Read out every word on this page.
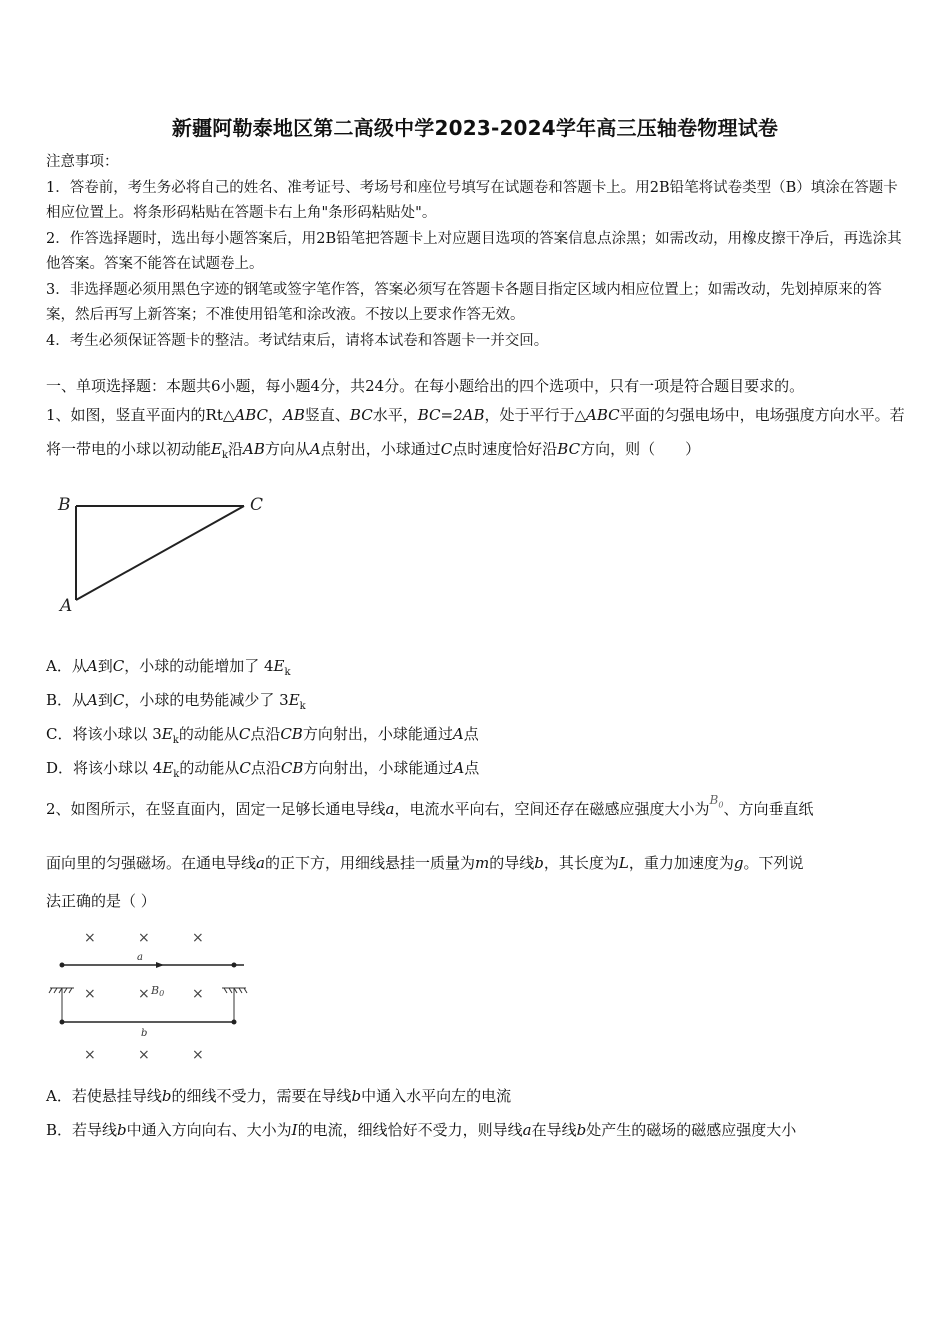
新疆阿勒泰地区第二高级中学2023-2024学年高三压轴卷物理试卷

注意事项：

1．答卷前，考生务必将自己的姓名、准考证号、考场号和座位号填写在试题卷和答题卡上。用2B铅笔将试卷类型（B）填涂在答题卡相应位置上。将条形码粘贴在答题卡右上角"条形码粘贴处"。

2．作答选择题时，选出每小题答案后，用2B铅笔把答题卡上对应题目选项的答案信息点涂黑；如需改动，用橡皮擦干净后，再选涂其他答案。答案不能答在试题卷上。

3．非选择题必须用黑色字迹的钢笔或签字笔作答，答案必须写在答题卡各题目指定区域内相应位置上；如需改动，先划掉原来的答案，然后再写上新答案；不准使用铅笔和涂改液。不按以上要求作答无效。

4．考生必须保证答题卡的整洁。考试结束后，请将本试卷和答题卡一并交回。

一、单项选择题：本题共6小题，每小题4分，共24分。在每小题给出的四个选项中，只有一项是符合题目要求的。
1、如图，竖直平面内的Rt△ABC，AB竖直、BC水平，BC=2AB，处于平行于△ABC平面的匀强电场中，电场强度方向水平。若将一带电的小球以初动能$E_k$沿AB方向从A点射出，小球通过C点时速度恰好沿BC方向，则（　　）
B	C
A
A．从A到C，小球的动能增加了 $4E_k$
B．从A到C，小球的电势能减少了 $3E_k$
C．将该小球以 $3E_k$的动能从C点沿CB方向射出，小球能通过A点
D．将该小球以 $4E_k$的动能从C点沿CB方向射出，小球能通过A点
2、如图所示，在竖直面内，固定一足够长通电导线a，电流水平向右，空间还存在磁感应强度大小为$^{B_0}$、方向垂直纸
面向里的匀强磁场。在通电导线a的正下方，用细线悬挂一质量为m的导线b，其长度为L，重力加速度为g。下列说
法正确的是（ ）
×	×	×
×	×	×
×	×	×
a
b
B0
A．若使悬挂导线b的细线不受力，需要在导线b中通入水平向左的电流
B．若导线b中通入方向向右、大小为I的电流，细线恰好不受力，则导线a在导线b处产生的磁场的磁感应强度大小
